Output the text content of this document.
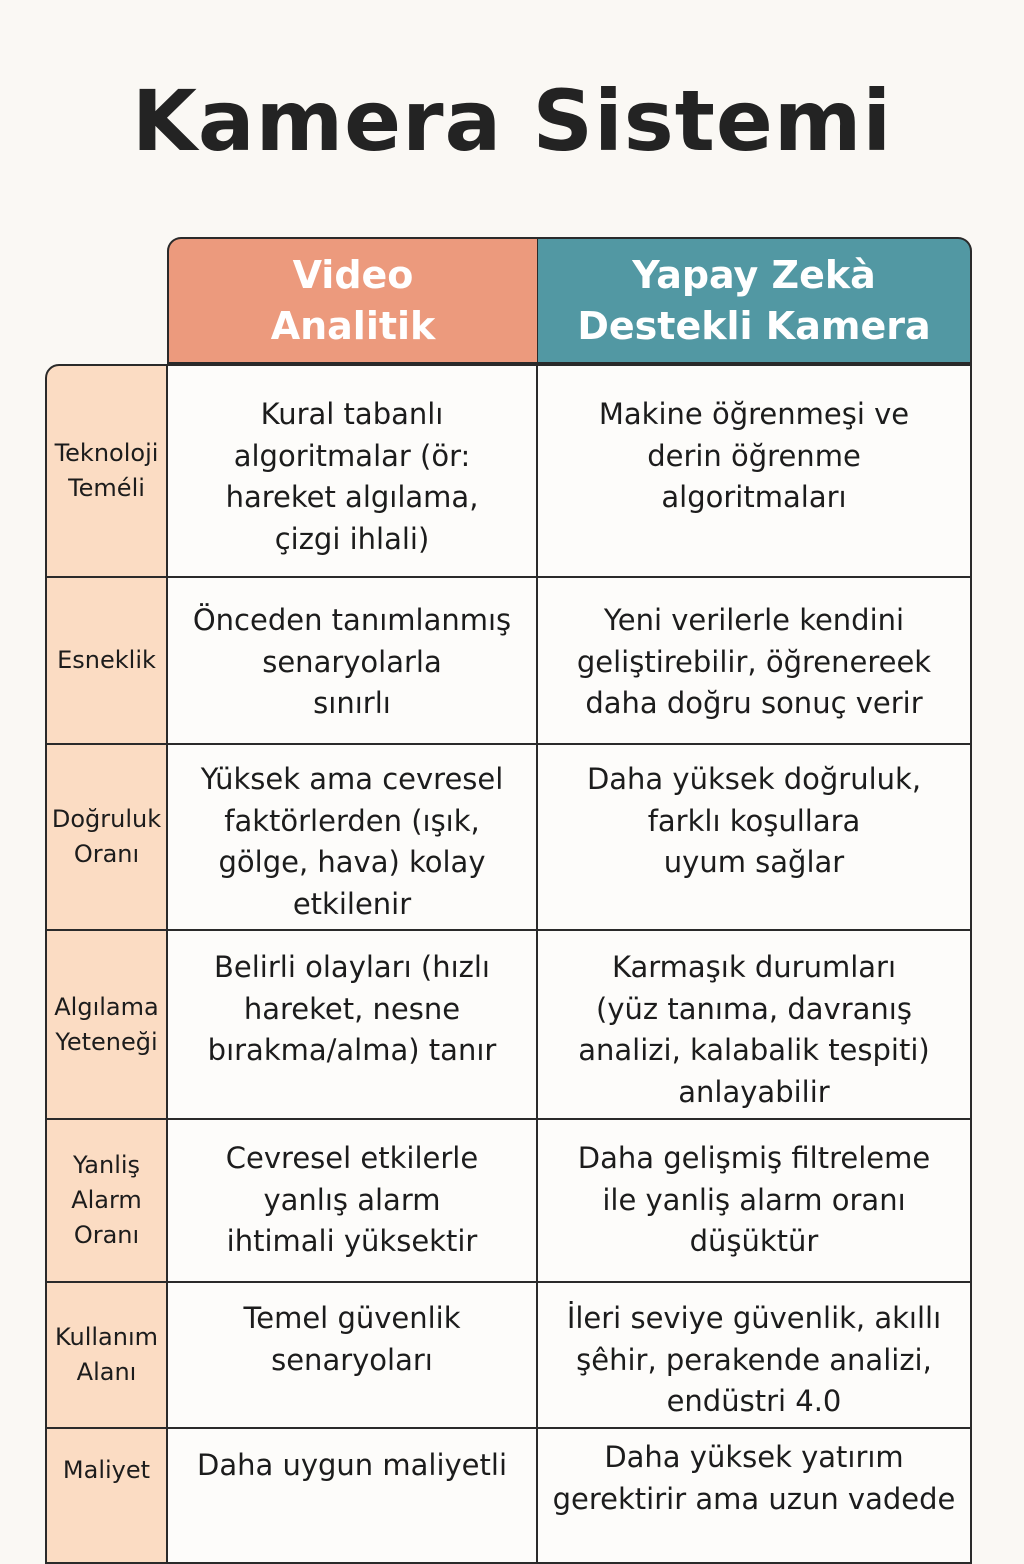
Kamera Sistemi
Video
Analitik
Yapay Zekà
Destekli Kamera
Teknoloji
Teméli
Kural tabanlı
algoritmalar (ör:
hareket algılama,
çizgi ihlali)
Makine öğrenmeşi ve
derin öğrenme
algoritmaları
Esneklik
Önceden tanımlanmış
senaryolarla
sınırlı
Yeni verilerle kendini
geliştirebilir, öğrenereek
daha doğru sonuç verir
Doğruluk
Oranı
Yüksek ama cevresel
faktörlerden (ışık,
gölge, hava) kolay
etkilenir
Daha yüksek doğruluk,
farklı koşullara
uyum sağlar
Algılama
Yeteneği
Belirli olayları (hızlı
hareket, nesne
bırakma/alma) tanır
Karmaşık durumları
(yüz tanıma, davranış
analizi, kalabalik tespiti)
anlayabilir
Yanliş
Alarm
Oranı
Cevresel etkilerle
yanlış alarm
ihtimali yüksektir
Daha gelişmiş filtreleme
ile yanliş alarm oranı
düşüktür
Kullanım
Alanı
Temel güvenlik
senaryoları
İleri seviye güvenlik, akıllı
şêhir, perakende analizi,
endüstri 4.0
Maliyet Daha uygun maliyetli	Daha yüksek yatırım
gerektirir ama uzun vadede
